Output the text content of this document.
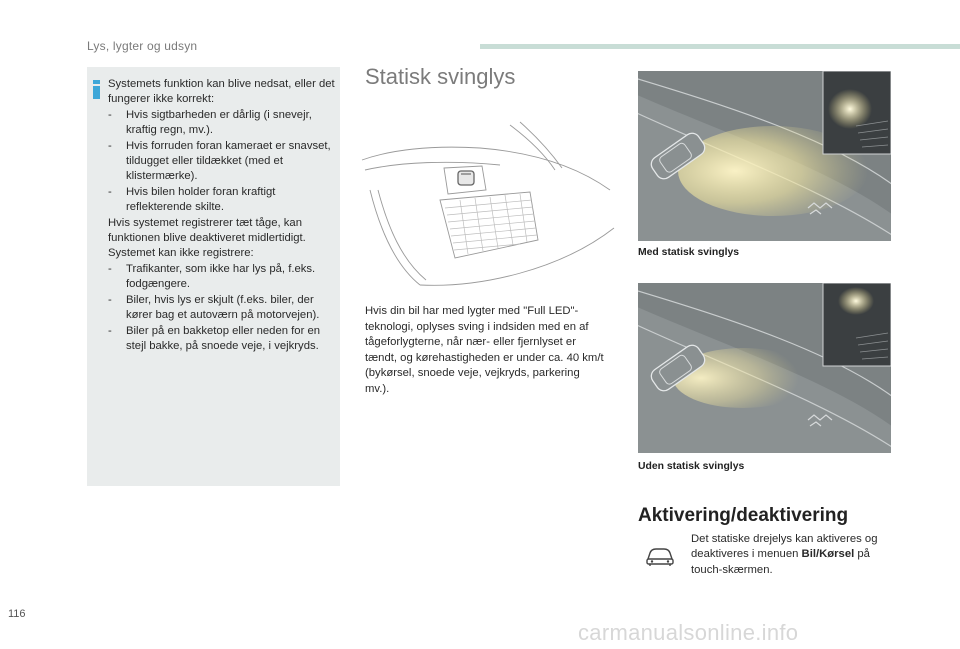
Lys, lygter og udsyn

Systemets funktion kan blive nedsat, eller det fungerer ikke korrekt:

- Hvis sigtbarheden er dårlig (i snevejr, kraftig regn, mv.).
- Hvis forruden foran kameraet er snavset, tildugget eller tildækket (med et klistermærke).
- Hvis bilen holder foran kraftigt reflekterende skilte.

Hvis systemet registrerer tæt tåge, kan funktionen blive deaktiveret midlertidigt.

Systemet kan ikke registrere:

- Trafikanter, som ikke har lys på, f.eks. fodgængere.
- Biler, hvis lys er skjult (f.eks. biler, der kører bag et autoværn på motorvejen).
- Biler på en bakketop eller neden for en stejl bakke, på snoede veje, i vejkryds.
Statisk svinglys

Hvis din bil har med lygter med "Full LED"-teknologi, oplyses sving i indsiden med en af tågeforlygterne, når nær- eller fjernlyset er tændt, og kørehastigheden er under ca. 40 km/t (bykørsel, snoede veje, vejkryds, parkering mv.).

Med statisk svinglys
Uden statisk svinglys
Aktivering/deaktivering

Det statiske drejelys kan aktiveres og deaktiveres i menuen Bil/Kørsel på touch-skærmen.

116
carmanualsonline.info
